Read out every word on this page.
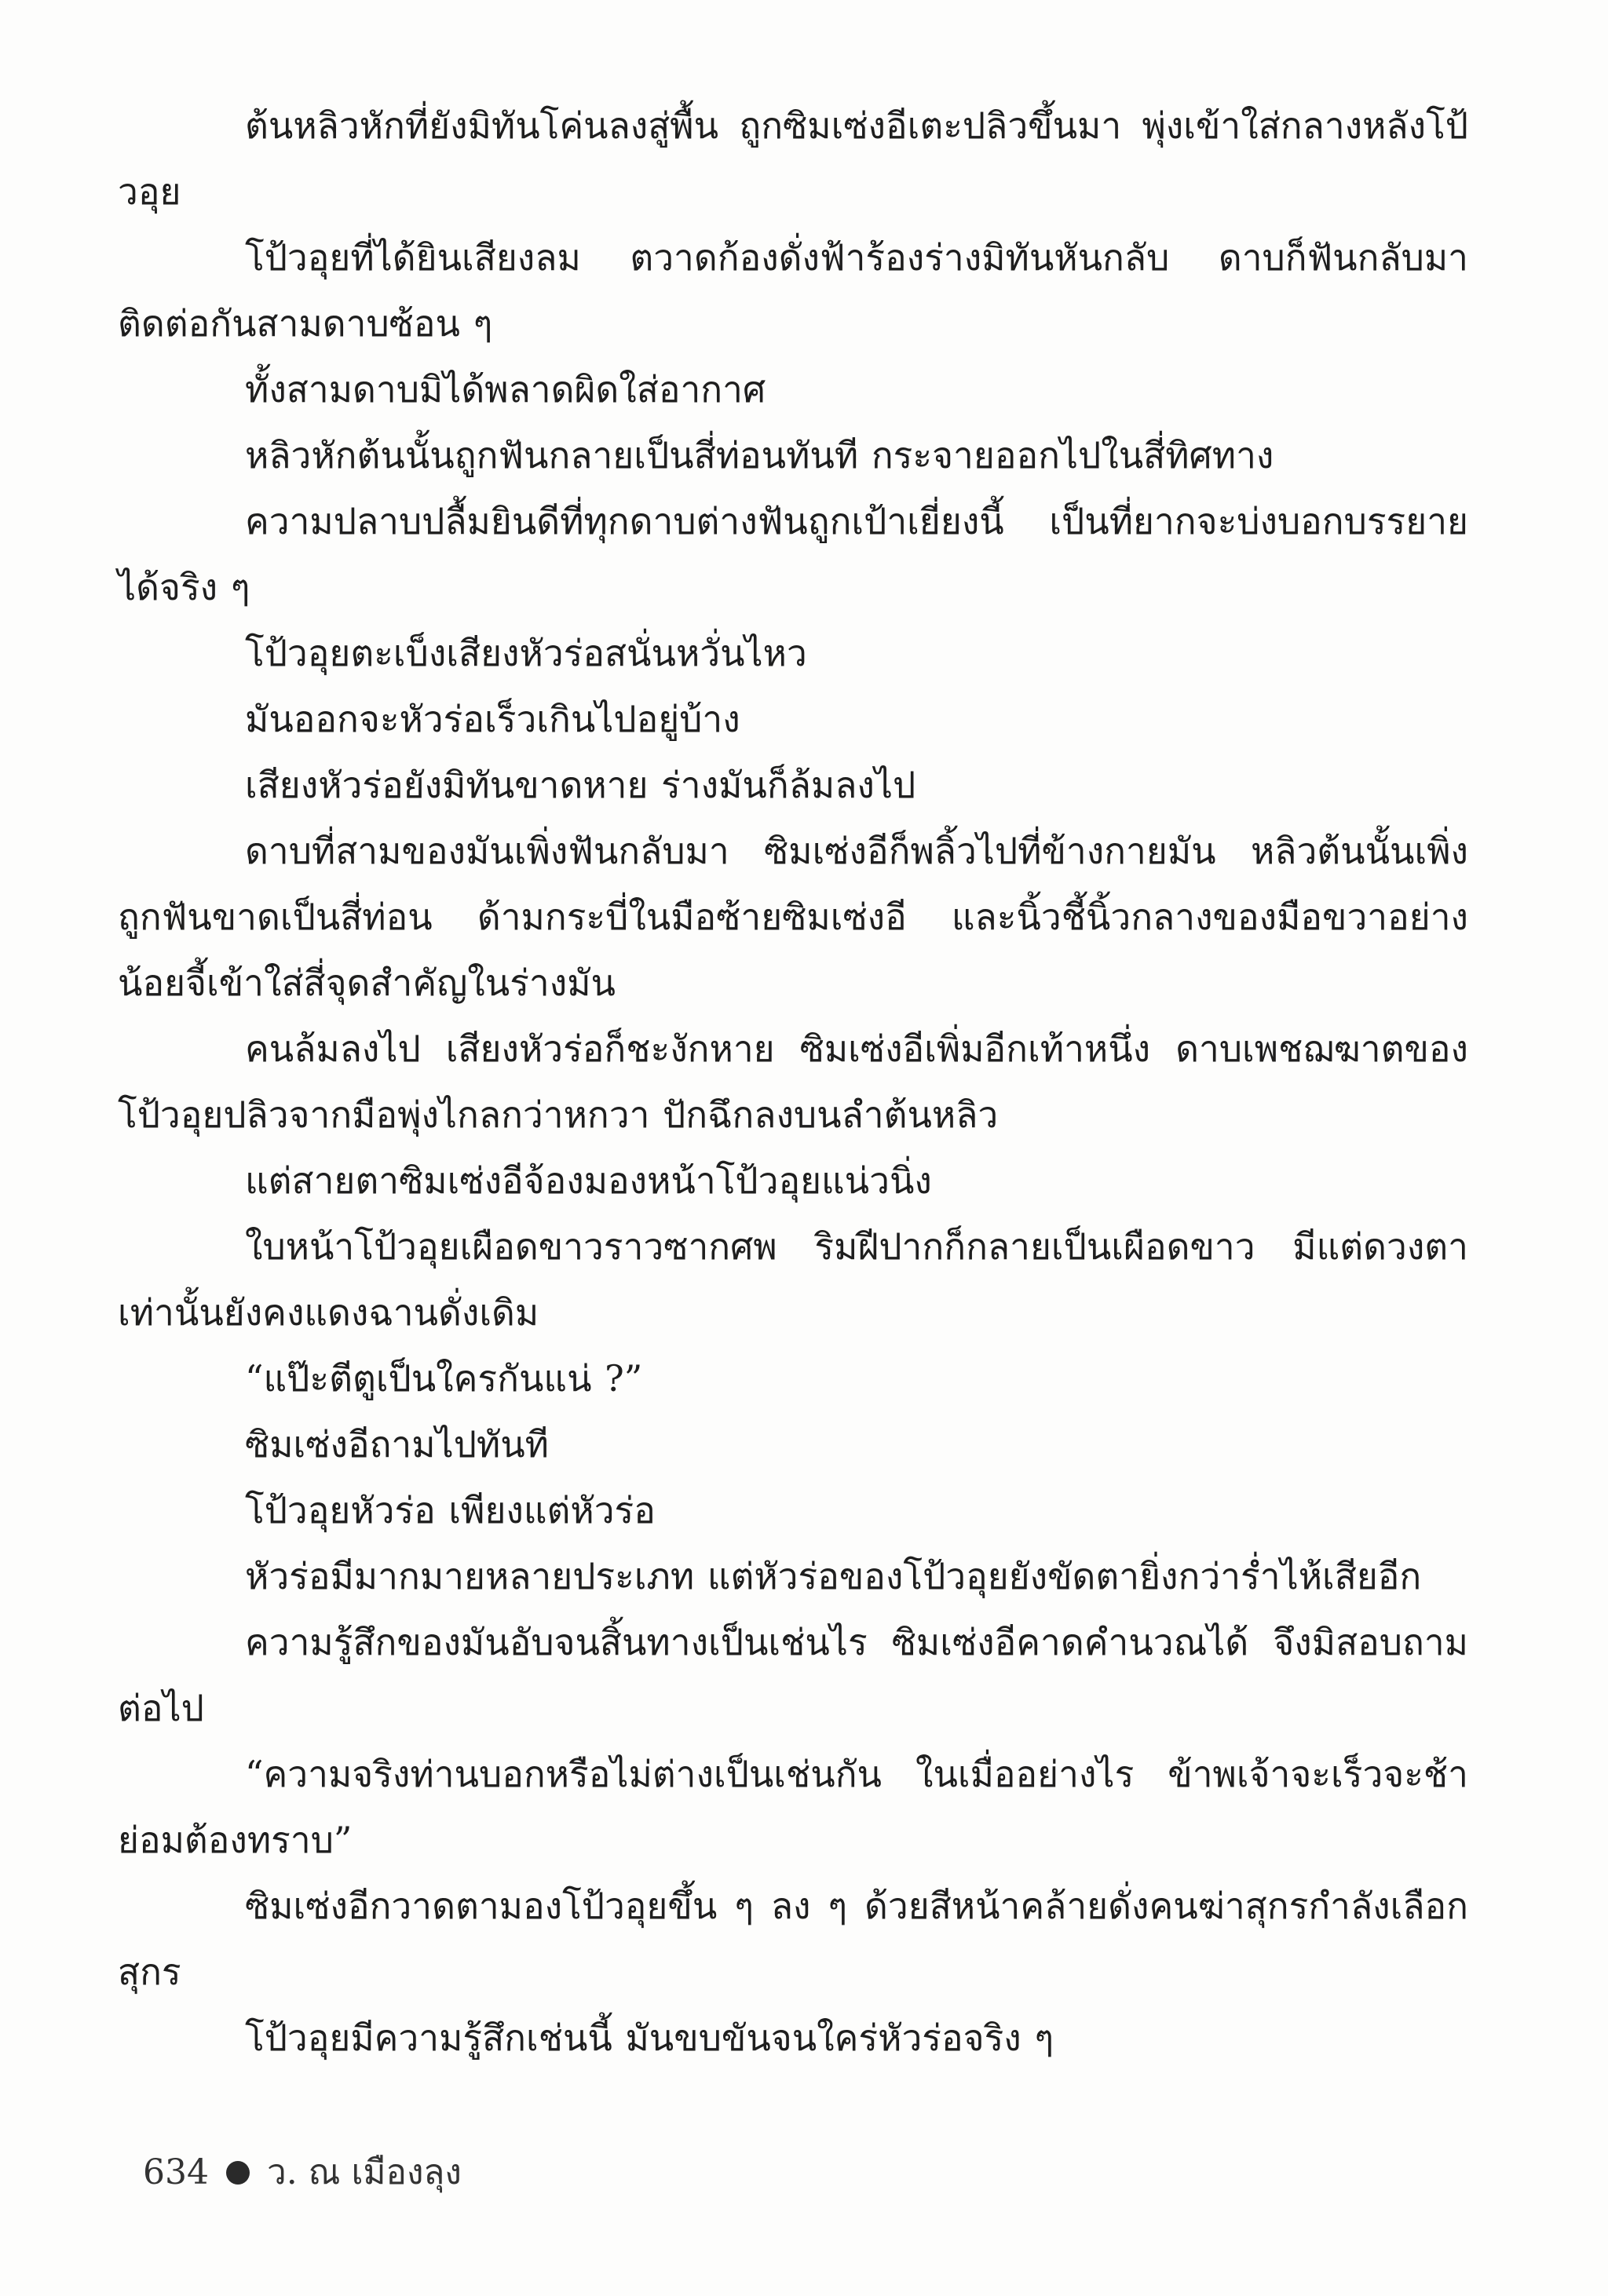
ต้นหลิวหักที่ยังมิทันโค่นลงสู่พื้น ถูกซิมเซ่งอีเตะปลิวขึ้นมา พุ่งเข้าใส่กลางหลังโป้วอุย

โป้วอุยที่ได้ยินเสียงลม ตวาดก้องดั่งฟ้าร้องร่างมิทันหันกลับ ดาบก็ฟันกลับมาติดต่อกันสามดาบซ้อน ๆ

ทั้งสามดาบมิได้พลาดผิดใส่อากาศ

หลิวหักต้นนั้นถูกฟันกลายเป็นสี่ท่อนทันที กระจายออกไปในสี่ทิศทาง

ความปลาบปลื้มยินดีที่ทุกดาบต่างฟันถูกเป้าเยี่ยงนี้ เป็นที่ยากจะบ่งบอกบรรยายได้จริง ๆ

โป้วอุยตะเบ็งเสียงหัวร่อสนั่นหวั่นไหว

มันออกจะหัวร่อเร็วเกินไปอยู่บ้าง

เสียงหัวร่อยังมิทันขาดหาย ร่างมันก็ล้มลงไป

ดาบที่สามของมันเพิ่งฟันกลับมา ซิมเซ่งอีก็พลิ้วไปที่ข้างกายมัน หลิวต้นนั้นเพิ่งถูกฟันขาดเป็นสี่ท่อน ด้ามกระบี่ในมือซ้ายซิมเซ่งอี และนิ้วชี้นิ้วกลางของมือขวาอย่างน้อยจี้เข้าใส่สี่จุดสำคัญในร่างมัน

คนล้มลงไป เสียงหัวร่อก็ชะงักหาย ซิมเซ่งอีเพิ่มอีกเท้าหนึ่ง ดาบเพชฌฆาตของโป้วอุยปลิวจากมือพุ่งไกลกว่าหกวา ปักฉึกลงบนลำต้นหลิว

แต่สายตาซิมเซ่งอีจ้องมองหน้าโป้วอุยแน่วนิ่ง

ใบหน้าโป้วอุยเผือดขาวราวซากศพ ริมฝีปากก็กลายเป็นเผือดขาว มีแต่ดวงตาเท่านั้นยังคงแดงฉานดั่งเดิม

“แป๊ะตีตูเป็นใครกันแน่ ?”

ซิมเซ่งอีถามไปทันที

โป้วอุยหัวร่อ เพียงแต่หัวร่อ

หัวร่อมีมากมายหลายประเภท แต่หัวร่อของโป้วอุยยังขัดตายิ่งกว่าร่ำไห้เสียอีก

ความรู้สึกของมันอับจนสิ้นทางเป็นเช่นไร ซิมเซ่งอีคาดคำนวณได้ จึงมิสอบถามต่อไป

“ความจริงท่านบอกหรือไม่ต่างเป็นเช่นกัน ในเมื่ออย่างไร ข้าพเจ้าจะเร็วจะช้าย่อมต้องทราบ”

ซิมเซ่งอีกวาดตามองโป้วอุยขึ้น ๆ ลง ๆ ด้วยสีหน้าคล้ายดั่งคนฆ่าสุกรกำลังเลือกสุกร

โป้วอุยมีความรู้สึกเช่นนี้ มันขบขันจนใคร่หัวร่อจริง ๆ

634 ว. ณ เมืองลุง
